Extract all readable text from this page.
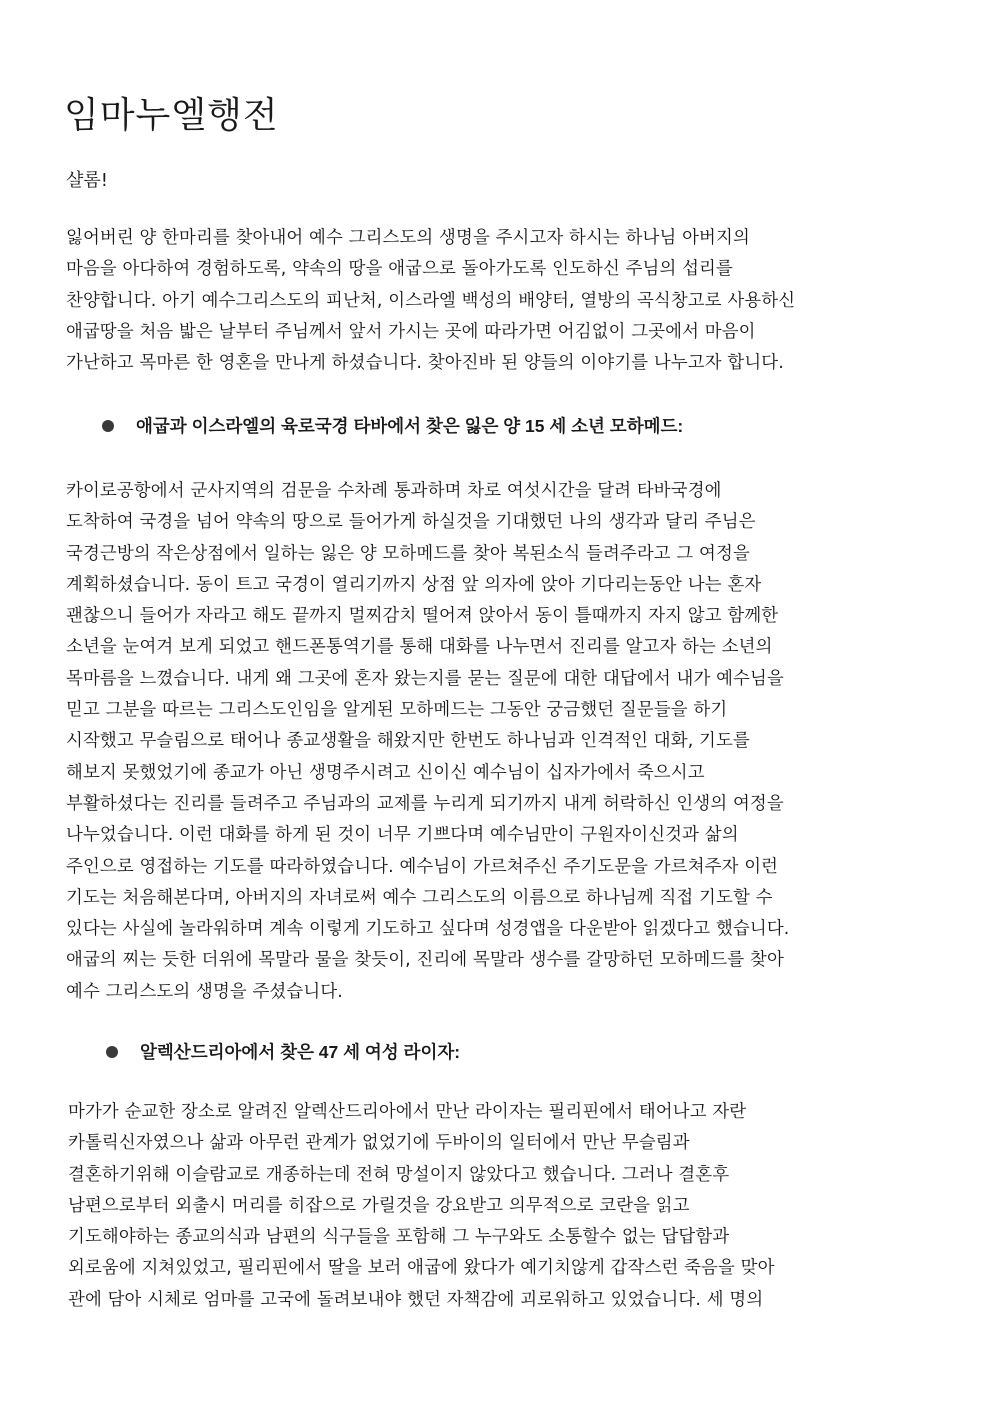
임마누엘행전

샬롬!

잃어버린 양 한마리를 찾아내어 예수 그리스도의 생명을 주시고자 하시는 하나님 아버지의
마음을 아다하여 경험하도록, 약속의 땅을 애굽으로 돌아가도록 인도하신 주님의 섭리를
찬양합니다. 아기 예수그리스도의 피난처, 이스라엘 백성의 배양터, 열방의 곡식창고로 사용하신
애굽땅을 처음 밟은 날부터 주님께서 앞서 가시는 곳에 따라가면 어김없이 그곳에서 마음이
가난하고 목마른 한 영혼을 만나게 하셨습니다. 찾아진바 된 양들의 이야기를 나누고자 합니다.

애굽과 이스라엘의 육로국경 타바에서 찾은 잃은 양 15 세 소년 모하메드:

카이로공항에서 군사지역의 검문을 수차례 통과하며 차로 여섯시간을 달려 타바국경에
도착하여 국경을 넘어 약속의 땅으로 들어가게 하실것을 기대했던 나의 생각과 달리 주님은
국경근방의 작은상점에서 일하는 잃은 양 모하메드를 찾아 복된소식 들려주라고 그 여정을
계획하셨습니다. 동이 트고 국경이 열리기까지 상점 앞 의자에 앉아 기다리는동안 나는 혼자
괜찮으니 들어가 자라고 해도 끝까지 멀찌감치 떨어져 앉아서 동이 틀때까지 자지 않고 함께한
소년을 눈여겨 보게 되었고 핸드폰통역기를 통해 대화를 나누면서 진리를 알고자 하는 소년의
목마름을 느꼈습니다. 내게 왜 그곳에 혼자 왔는지를 묻는 질문에 대한 대답에서 내가 예수님을
믿고 그분을 따르는 그리스도인임을 알게된 모하메드는 그동안 궁금했던 질문들을 하기
시작했고 무슬림으로 태어나 종교생활을 해왔지만 한번도 하나님과 인격적인 대화, 기도를
해보지 못했었기에 종교가 아닌 생명주시려고 신이신 예수님이 십자가에서 죽으시고
부활하셨다는 진리를 들려주고 주님과의 교제를 누리게 되기까지 내게 허락하신 인생의 여정을
나누었습니다. 이런 대화를 하게 된 것이 너무 기쁘다며 예수님만이 구원자이신것과 삶의
주인으로 영접하는 기도를 따라하였습니다. 예수님이 가르쳐주신 주기도문을 가르쳐주자 이런
기도는 처음해본다며, 아버지의 자녀로써 예수 그리스도의 이름으로 하나님께 직접 기도할 수
있다는 사실에 놀라워하며 계속 이렇게 기도하고 싶다며 성경앱을 다운받아 읽겠다고 했습니다.
애굽의 찌는 듯한 더위에 목말라 물을 찾듯이, 진리에 목말라 생수를 갈망하던 모하메드를 찾아
예수 그리스도의 생명을 주셨습니다.

알렉산드리아에서 찾은 47 세 여성 라이자:

마가가 순교한 장소로 알려진 알렉산드리아에서 만난 라이자는 필리핀에서 태어나고 자란
카톨릭신자였으나 삶과 아무런 관계가 없었기에 두바이의 일터에서 만난 무슬림과
결혼하기위해 이슬람교로 개종하는데 전혀 망설이지 않았다고 했습니다. 그러나 결혼후
남편으로부터 외출시 머리를 히잡으로 가릴것을 강요받고 의무적으로 코란을 읽고
기도해야하는 종교의식과 남편의 식구들을 포함해 그 누구와도 소통할수 없는 답답함과
외로움에 지쳐있었고, 필리핀에서 딸을 보러 애굽에 왔다가 예기치않게 갑작스런 죽음을 맞아
관에 담아 시체로 엄마를 고국에 돌려보내야 했던 자책감에 괴로워하고 있었습니다. 세 명의
